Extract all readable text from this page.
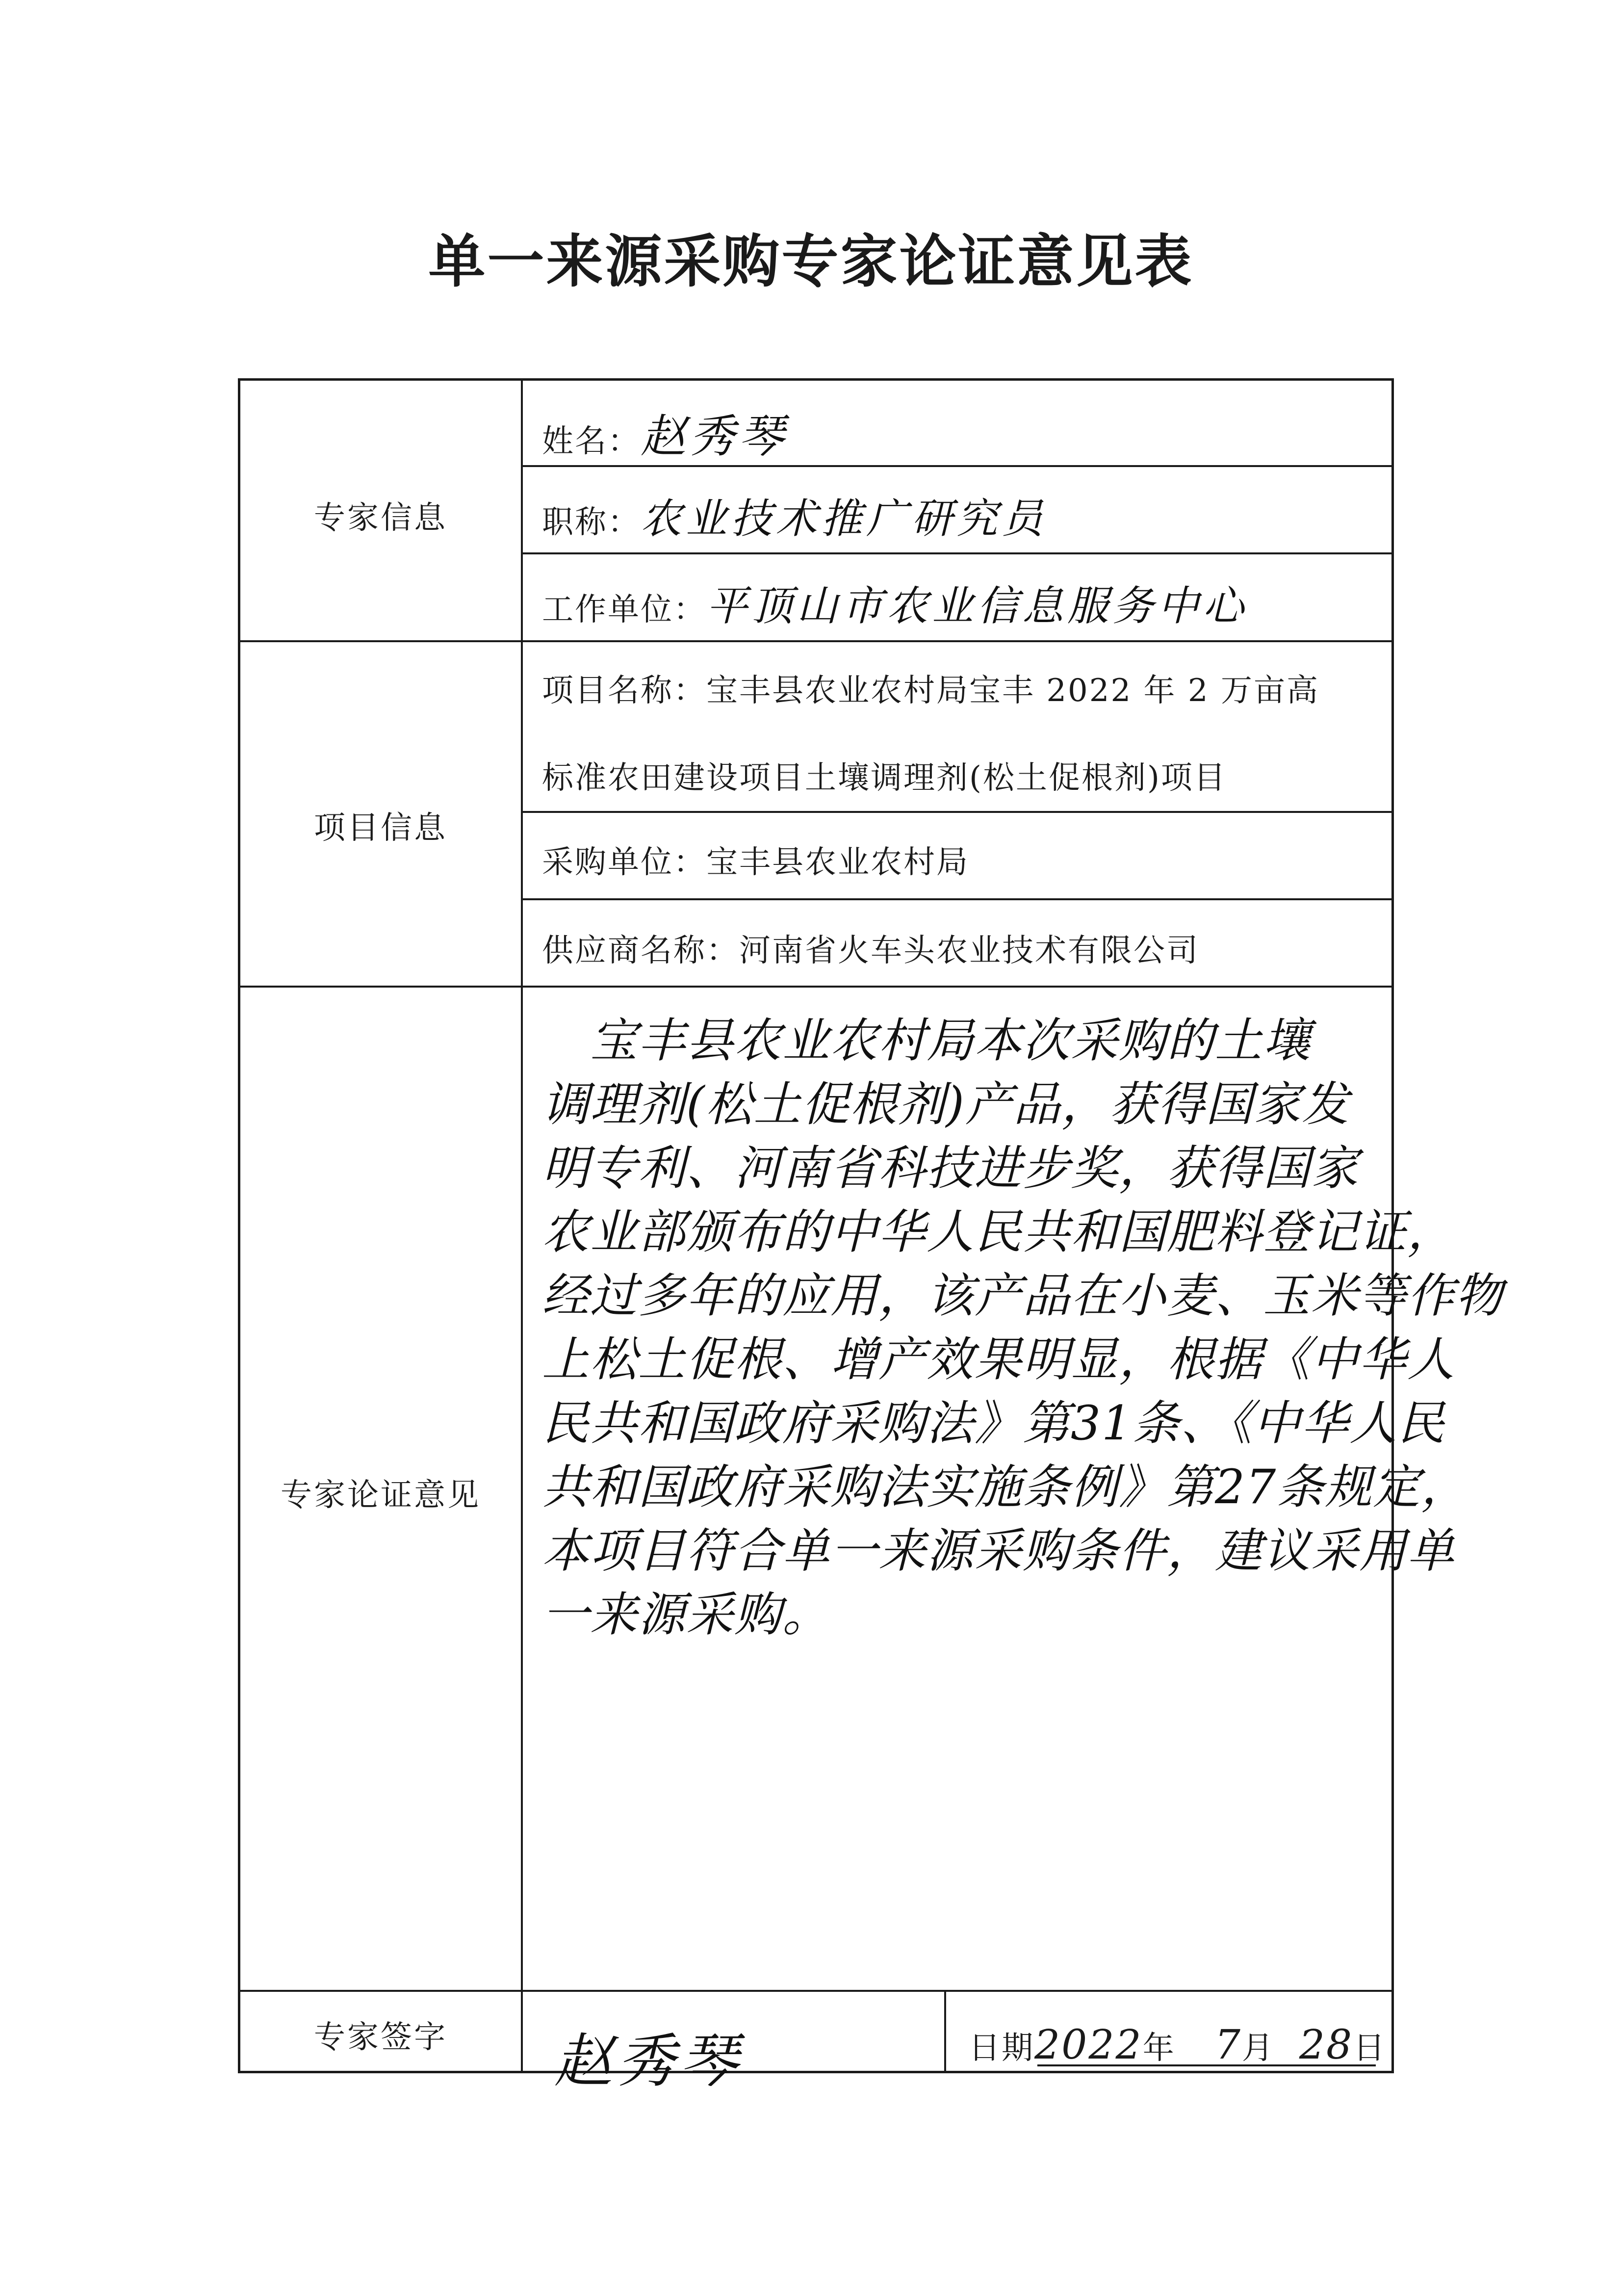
单一来源采购专家论证意见表
专家信息
姓名：赵秀琴
职称：农业技术推广研究员
工作单位：平顶山市农业信息服务中心
项目信息
项目名称：宝丰县农业农村局宝丰 2022 年 2 万亩高
标准农田建设项目土壤调理剂(松土促根剂)项目
采购单位：宝丰县农业农村局
供应商名称：河南省火车头农业技术有限公司
专家论证意见
　宝丰县农业农村局本次采购的土壤
调理剂(松土促根剂)产品，获得国家发
明专利、河南省科技进步奖，获得国家
农业部颁布的中华人民共和国肥料登记证，
经过多年的应用，该产品在小麦、玉米等作物
上松土促根、增产效果明显，根据《中华人
民共和国政府采购法》第31条、《中华人民
共和国政府采购法实施条例》第27条规定，
本项目符合单一来源采购条件，建议采用单
一来源采购。
专家签字	赵秀琴	日期2022年 7月 28日
